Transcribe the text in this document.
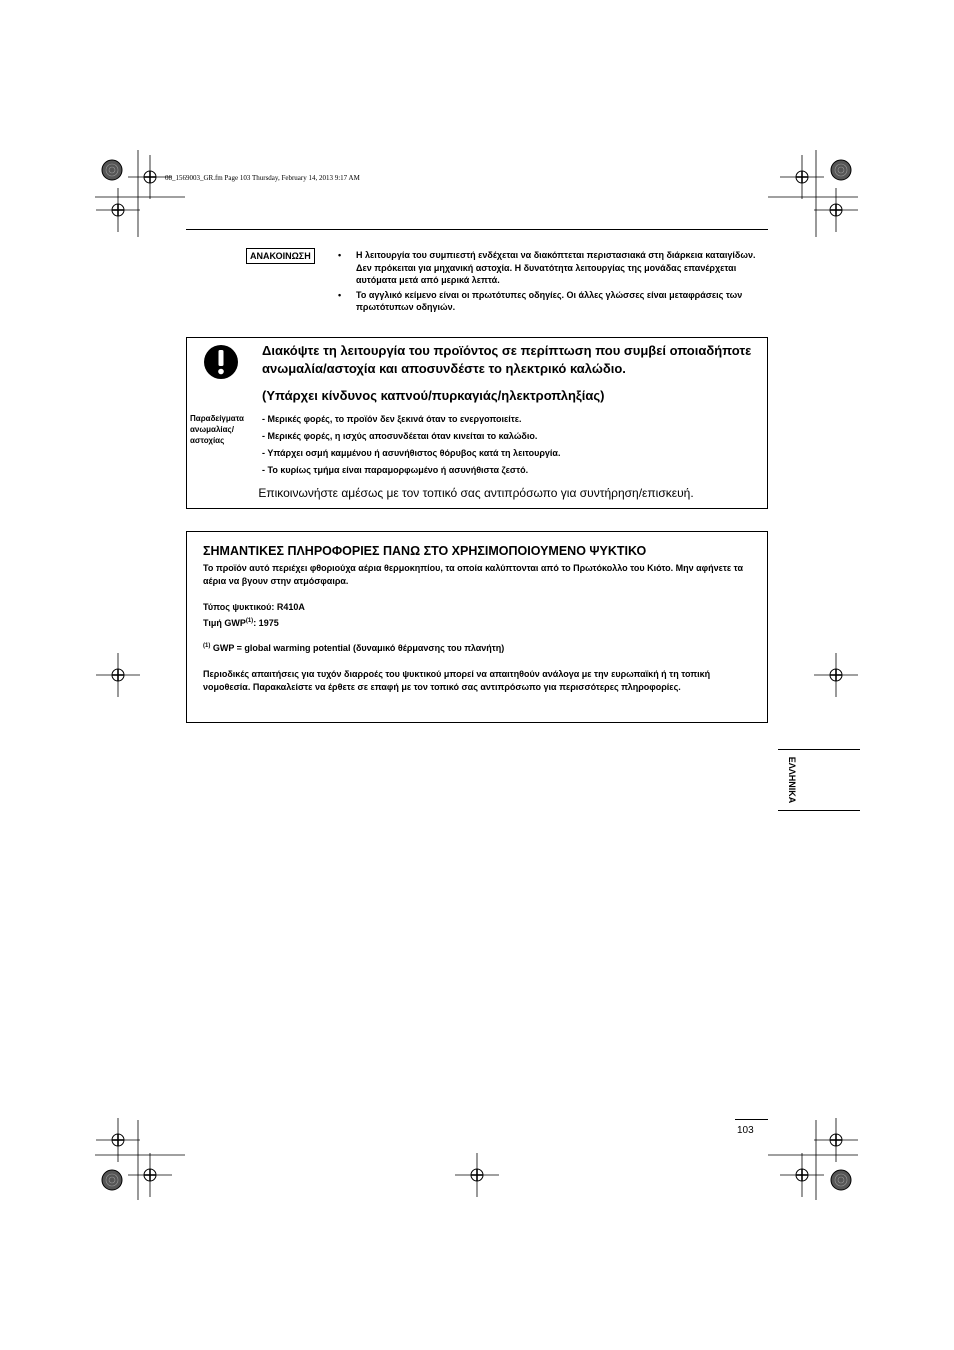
08_1569003_GR.fm Page 103 Thursday, February 14, 2013 9:17 AM
ΑΝΑΚΟΙΝΩΣΗ	• Η λειτουργία του συμπιεστή ενδέχεται να διακόπτεται περιστασιακά στη διάρκεια καταιγίδων. Δεν πρόκειται για μηχανική αστοχία. Η δυνατότητα λειτουργίας της μονάδας επανέρχεται αυτόματα μετά από μερικά λεπτά.
• Το αγγλικό κείμενο είναι οι πρωτότυπες οδηγίες. Οι άλλες γλώσσες είναι μεταφράσεις των πρωτότυπων οδηγιών.

Διακόψτε τη λειτουργία του προϊόντος σε περίπτωση που συμβεί οποιαδήποτε ανωμαλία/αστοχία και αποσυνδέστε το ηλεκτρικό καλώδιο.

(Υπάρχει κίνδυνος καπνού/πυρκαγιάς/ηλεκτροπληξίας)
Παραδείγματα ανωμαλίας/ αστοχίας
- Μερικές φορές, το προϊόν δεν ξεκινά όταν το ενεργοποιείτε.
- Μερικές φορές, η ισχύς αποσυνδέεται όταν κινείται το καλώδιο.
- Υπάρχει οσμή καμμένου ή ασυνήθιστος θόρυβος κατά τη λειτουργία.
- Το κυρίως τμήμα είναι παραμορφωμένο ή ασυνήθιστα ζεστό.
Επικοινωνήστε αμέσως με τον τοπικό σας αντιπρόσωπο για συντήρηση/επισκευή.
ΣΗΜΑΝΤΙΚΕΣ ΠΛΗΡΟΦΟΡΙΕΣ ΠΑΝΩ ΣΤΟ ΧΡΗΣΙΜΟΠΟΙΟΥΜΕΝΟ ΨΥΚΤΙΚΟ
Το προϊόν αυτό περιέχει φθοριούχα αέρια θερμοκηπίου, τα οποία καλύπτονται από το Πρωτόκολλο του Κιότο. Μην αφήνετε τα αέρια να βγουν στην ατμόσφαιρα.
Τύπος ψυκτικού: R410A
Τιμή GWP$^{(1)}$: 1975
$^{(1)}$ GWP = global warming potential (δυναμικό θέρμανσης του πλανήτη)
Περιοδικές απαιτήσεις για τυχόν διαρροές του ψυκτικού μπορεί να απαιτηθούν ανάλογα με την ευρωπαϊκή ή τη τοπική νομοθεσία. Παρακαλείστε να έρθετε σε επαφή με τον τοπικό σας αντιπρόσωπο για περισσότερες πληροφορίες.
ΕΛΛΗΝΙΚΑ
103
